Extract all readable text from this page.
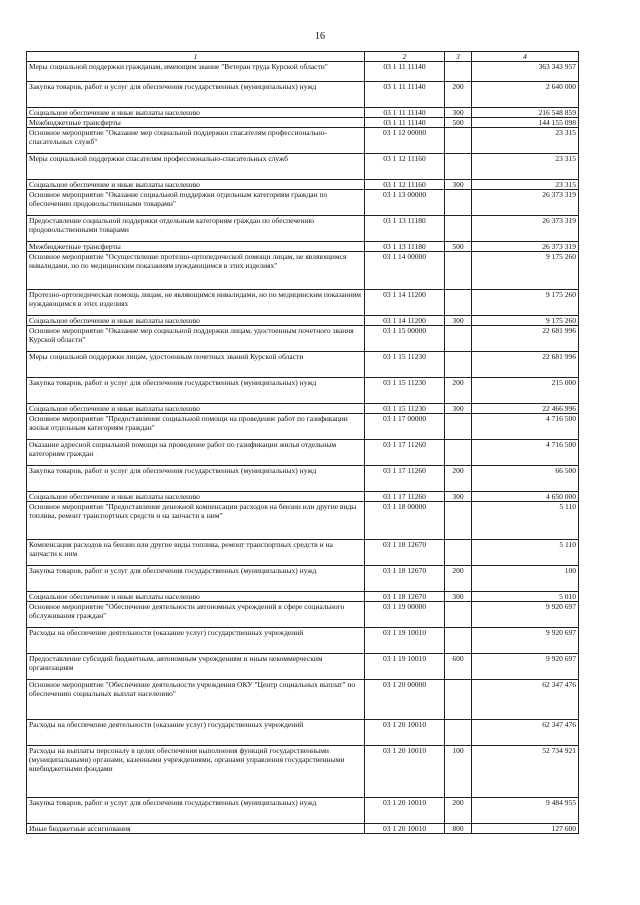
16
1	2	3	4
Меры социальной поддержки гражданам, имеющим звание "Ветеран труда Курской области"	03 1 11 11140		363 343 957
Закупка товаров, работ и услуг для обеспечения государственных (муниципальных) нужд	03 1 11 11140	200	2 640 000
Социальное обеспечение и иные выплаты населению	03 1 11 11140	300	216 548 859
Межбюджетные трансферты	03 1 11 11140	500	144 155 098
Основное мероприятие "Оказание мер социальной поддержки спасателям профессионально-спасательных служб"	03 1 12 00000		23 315
Меры социальной поддержки спасателям профессионально-спасательных служб	03 1 12 11160		23 315
Социальное обеспечение и иные выплаты населению	03 1 12 11160	300	23 315
Основное мероприятие "Оказание социальной поддержки отдельным категориям граждан по обеспечению продовольственными товарами"	03 1 13 00000		26 373 319
Предоставление социальной поддержки отдельным категориям граждан по обеспечению продовольственными товарами	03 1 13 11180		26 373 319
Межбюджетные трансферты	03 1 13 11180	500	26 373 319
Основное мероприятие "Осуществление протезно-ортопедической помощи лицам, не являющимся инвалидами, но по медицинским показаниям нуждающимся в этих изделиях"	03 1 14 00000		9 175 260
Протезно-ортопедическая помощь лицам, не являющимся инвалидами, но по медицинским показаниям нуждающимся в этих изделиях	03 1 14 11200		9 175 260
Социальное обеспечение и иные выплаты населению	03 1 14 11200	300	9 175 260
Основное мероприятие "Оказание мер социальной поддержки лицам, удостоенным почетного звания Курской области"	03 1 15 00000		22 681 996
Меры социальной поддержки лицам, удостоенным почетных званий Курской области	03 1 15 11230		22 681 996
Закупка товаров, работ и услуг для обеспечения государственных (муниципальных) нужд	03 1 15 11230	200	215 000
Социальное обеспечение и иные выплаты населению	03 1 15 11230	300	22 466 996
Основное мероприятие "Предоставление социальной помощи на проведение работ по газификации жилья отдельным категориям граждан"	03 1 17 00000		4 716 500
Оказание адресной социальной помощи на проведение работ по газификации жилья отдельным категориям граждан	03 1 17 11260		4 716 500
Закупка товаров, работ и услуг для обеспечения государственных (муниципальных) нужд	03 1 17 11260	200	66 500
Социальное обеспечение и иные выплаты населению	03 1 17 11260	300	4 650 000
Основное мероприятие "Предоставление денежной компенсации расходов на бензин или другие виды топлива, ремонт транспортных средств и на запчасти к ним"	03 1 18 00000		5 110
Компенсация расходов на бензин или другие виды топлива, ремонт транспортных средств и на запчасти к ним	03 1 18 12670		5 110
Закупка товаров, работ и услуг для обеспечения государственных (муниципальных) нужд	03 1 18 12670	200	100
Социальное обеспечение и иные выплаты населению	03 1 18 12670	300	5 010
Основное мероприятие "Обеспечение деятельности автономных учреждений в сфере социального обслуживания граждан"	03 1 19 00000		9 920 697
Расходы на обеспечение деятельности (оказание услуг) государственных учреждений	03 1 19 10010		9 920 697
Предоставление субсидий бюджетным, автономным учреждениям и иным некоммерческим организациям	03 1 19 10010	600	9 920 697
Основное мероприятие "Обеспечение деятельности учреждения ОКУ "Центр социальных выплат" по обеспечению социальных выплат населению"	03 1 20 00000		62 347 476
Расходы на обеспечение деятельности (оказание услуг) государственных учреждений	03 1 20 10010		62 347 476
Расходы на выплаты персоналу в целях обеспечения выполнения функций государственными (муниципальными) органами, казенными учреждениями, органами управления государственными внебюджетными фондами	03 1 20 10010	100	52 734 921
Закупка товаров, работ и услуг для обеспечения государственных (муниципальных) нужд	03 1 20 10010	200	9 484 955
Иные бюджетные ассигнования	03 1 20 10010	800	127 600
